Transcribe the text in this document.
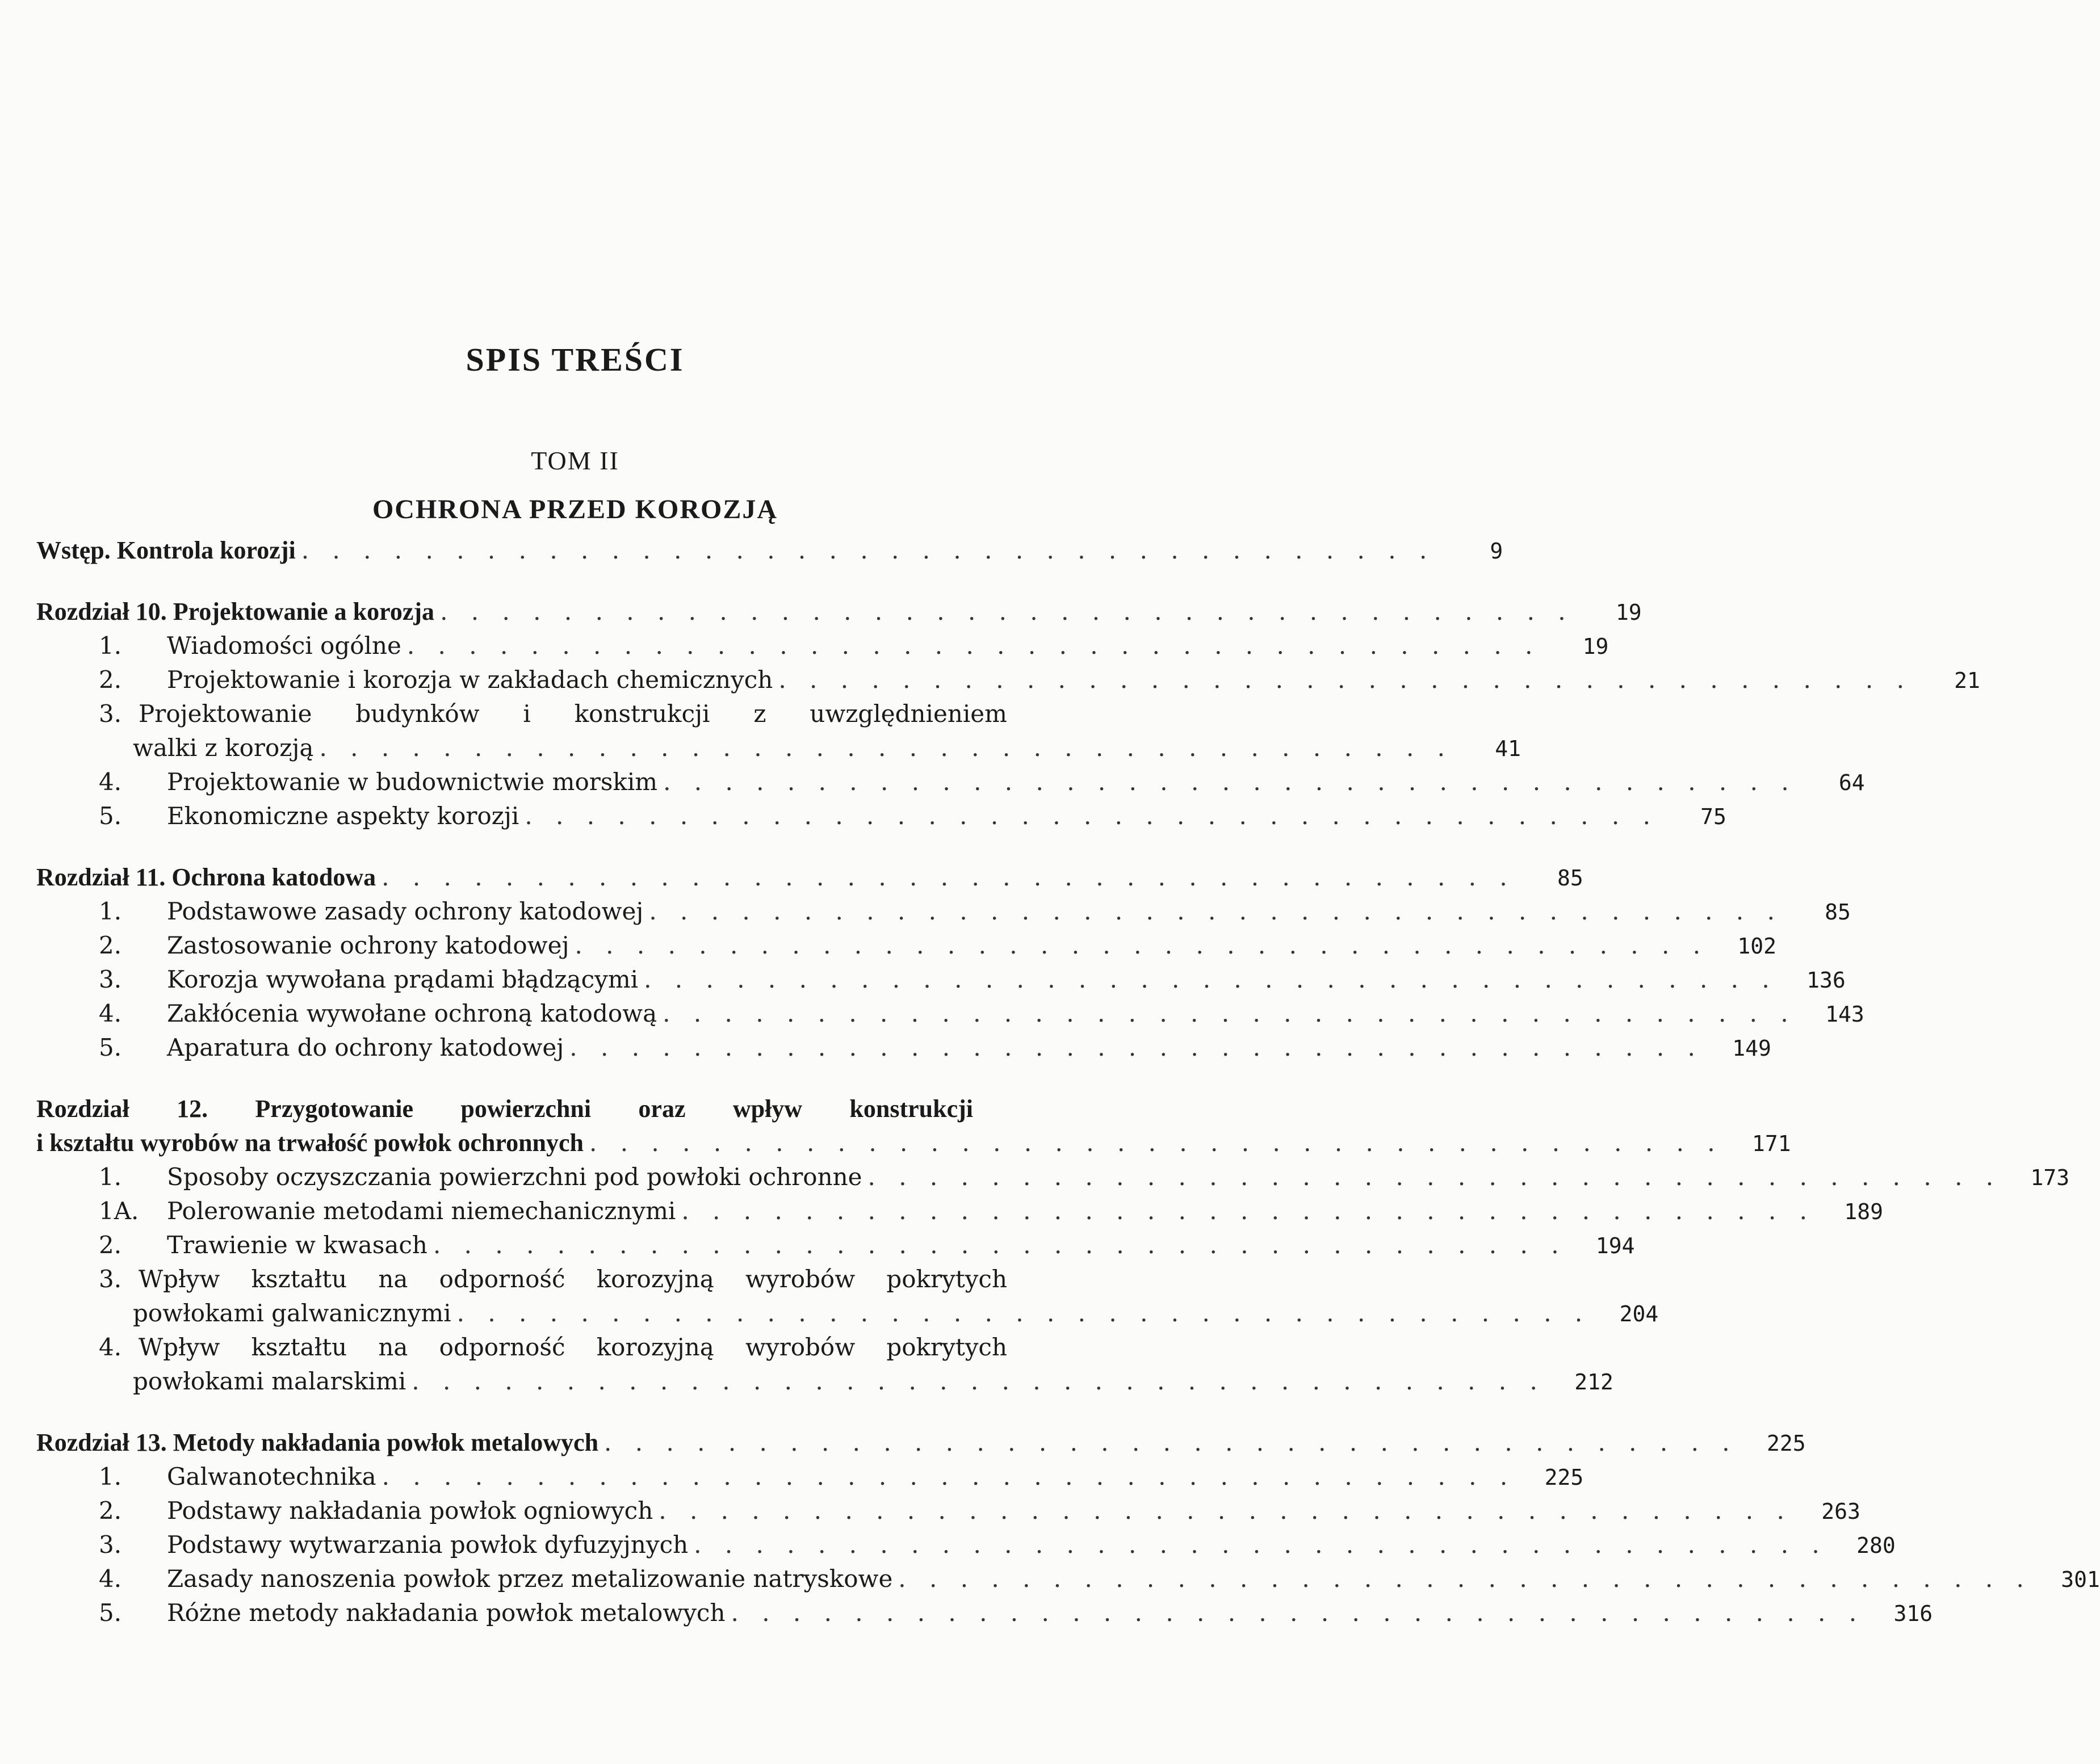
SPIS TREŚCI
TOM II
OCHRONA PRZED KOROZJĄ
Wstęp. Kontrola korozji . . . . . . . . . . . . . . . . . . . . . . . . . . . . . . . . . . . . .	9
Rozdział 10. Projektowanie a korozja . . . . . . . . . . . . . . . . . . . . . . . . . . . . . . . . . . . . .	19
1.	Wiadomości ogólne . . . . . . . . . . . . . . . . . . . . . . . . . . . . . . . . . . . . .	19
2.	Projektowanie i korozja w zakładach chemicznych . . . . . . . . . . . . . . . . . . . . . . . . . . . . . . . . . . . . .	21
3. Projektowanie budynków i konstrukcji z uwzględnieniem
walki z korozją . . . . . . . . . . . . . . . . . . . . . . . . . . . . . . . . . . . . .	41
4.	Projektowanie w budownictwie morskim . . . . . . . . . . . . . . . . . . . . . . . . . . . . . . . . . . . . .	64
5.	Ekonomiczne aspekty korozji . . . . . . . . . . . . . . . . . . . . . . . . . . . . . . . . . . . . .	75
Rozdział 11. Ochrona katodowa . . . . . . . . . . . . . . . . . . . . . . . . . . . . . . . . . . . . .	85
1.	Podstawowe zasady ochrony katodowej . . . . . . . . . . . . . . . . . . . . . . . . . . . . . . . . . . . . .	85
2.	Zastosowanie ochrony katodowej . . . . . . . . . . . . . . . . . . . . . . . . . . . . . . . . . . . . .	102
3.	Korozja wywołana prądami błądzącymi . . . . . . . . . . . . . . . . . . . . . . . . . . . . . . . . . . . . .	136
4.	Zakłócenia wywołane ochroną katodową . . . . . . . . . . . . . . . . . . . . . . . . . . . . . . . . . . . . .	143
5.	Aparatura do ochrony katodowej . . . . . . . . . . . . . . . . . . . . . . . . . . . . . . . . . . . . .	149
Rozdział 12. Przygotowanie powierzchni oraz wpływ konstrukcji
i kształtu wyrobów na trwałość powłok ochronnych . . . . . . . . . . . . . . . . . . . . . . . . . . . . . . . . . . . . .	171
1.	Sposoby oczyszczania powierzchni pod powłoki ochronne . . . . . . . . . . . . . . . . . . . . . . . . . . . . . . . . . . . . .	173
1A.	Polerowanie metodami niemechanicznymi . . . . . . . . . . . . . . . . . . . . . . . . . . . . . . . . . . . . .	189
2.	Trawienie w kwasach . . . . . . . . . . . . . . . . . . . . . . . . . . . . . . . . . . . . .	194
3. Wpływ kształtu na odporność korozyjną wyrobów pokrytych
powłokami galwanicznymi . . . . . . . . . . . . . . . . . . . . . . . . . . . . . . . . . . . . .	204
4. Wpływ kształtu na odporność korozyjną wyrobów pokrytych
powłokami malarskimi . . . . . . . . . . . . . . . . . . . . . . . . . . . . . . . . . . . . .	212
Rozdział 13. Metody nakładania powłok metalowych . . . . . . . . . . . . . . . . . . . . . . . . . . . . . . . . . . . . .	225
1.	Galwanotechnika . . . . . . . . . . . . . . . . . . . . . . . . . . . . . . . . . . . . .	225
2.	Podstawy nakładania powłok ogniowych . . . . . . . . . . . . . . . . . . . . . . . . . . . . . . . . . . . . .	263
3.	Podstawy wytwarzania powłok dyfuzyjnych . . . . . . . . . . . . . . . . . . . . . . . . . . . . . . . . . . . . .	280
4.	Zasady nanoszenia powłok przez metalizowanie natryskowe . . . . . . . . . . . . . . . . . . . . . . . . . . . . . . . . . . . . .	301
5.	Różne metody nakładania powłok metalowych . . . . . . . . . . . . . . . . . . . . . . . . . . . . . . . . . . . . .	316
